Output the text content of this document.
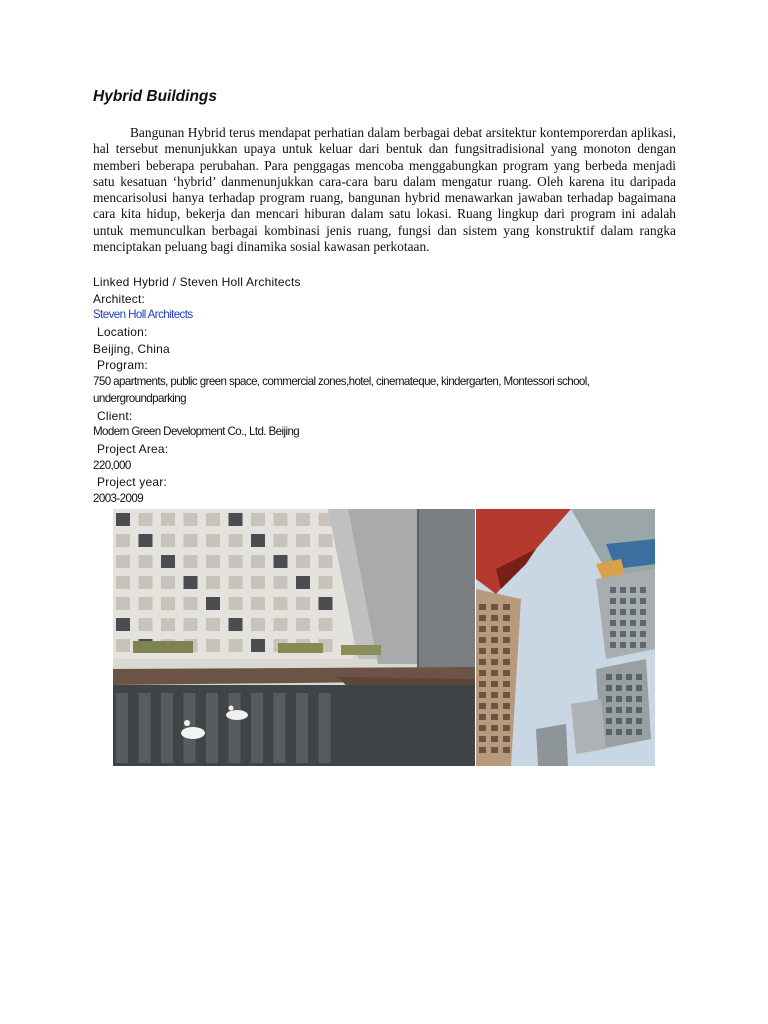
Hybrid Buildings

Bangunan Hybrid terus mendapat perhatian dalam berbagai debat arsitektur kontemporerdan aplikasi, hal tersebut menunjukkan upaya untuk keluar dari bentuk dan fungsitradisional yang monoton dengan memberi beberapa perubahan. Para penggagas mencoba menggabungkan program yang berbeda menjadi satu kesatuan ‘hybrid’ danmenunjukkan cara-cara baru dalam mengatur ruang. Oleh karena itu daripada mencarisolusi hanya terhadap program ruang, bangunan hybrid menawarkan jawaban terhadap bagaimana cara kita hidup, bekerja dan mencari hiburan dalam satu lokasi. Ruang lingkup dari program ini adalah untuk memunculkan berbagai kombinasi jenis ruang, fungsi dan sistem yang konstruktif dalam rangka menciptakan peluang bagi dinamika sosial kawasan perkotaan.

Linked Hybrid / Steven Holl Architects
Architect:
Steven Holl Architects
Location:
Beijing, China
Program:
750 apartments, public green space, commercial zones,hotel, cinemateque, kindergarten, Montessori school,
undergroundparking
Client:
Modern Green Development Co., Ltd. Beijing
Project Area:
220,000
Project year:
2003-2009
